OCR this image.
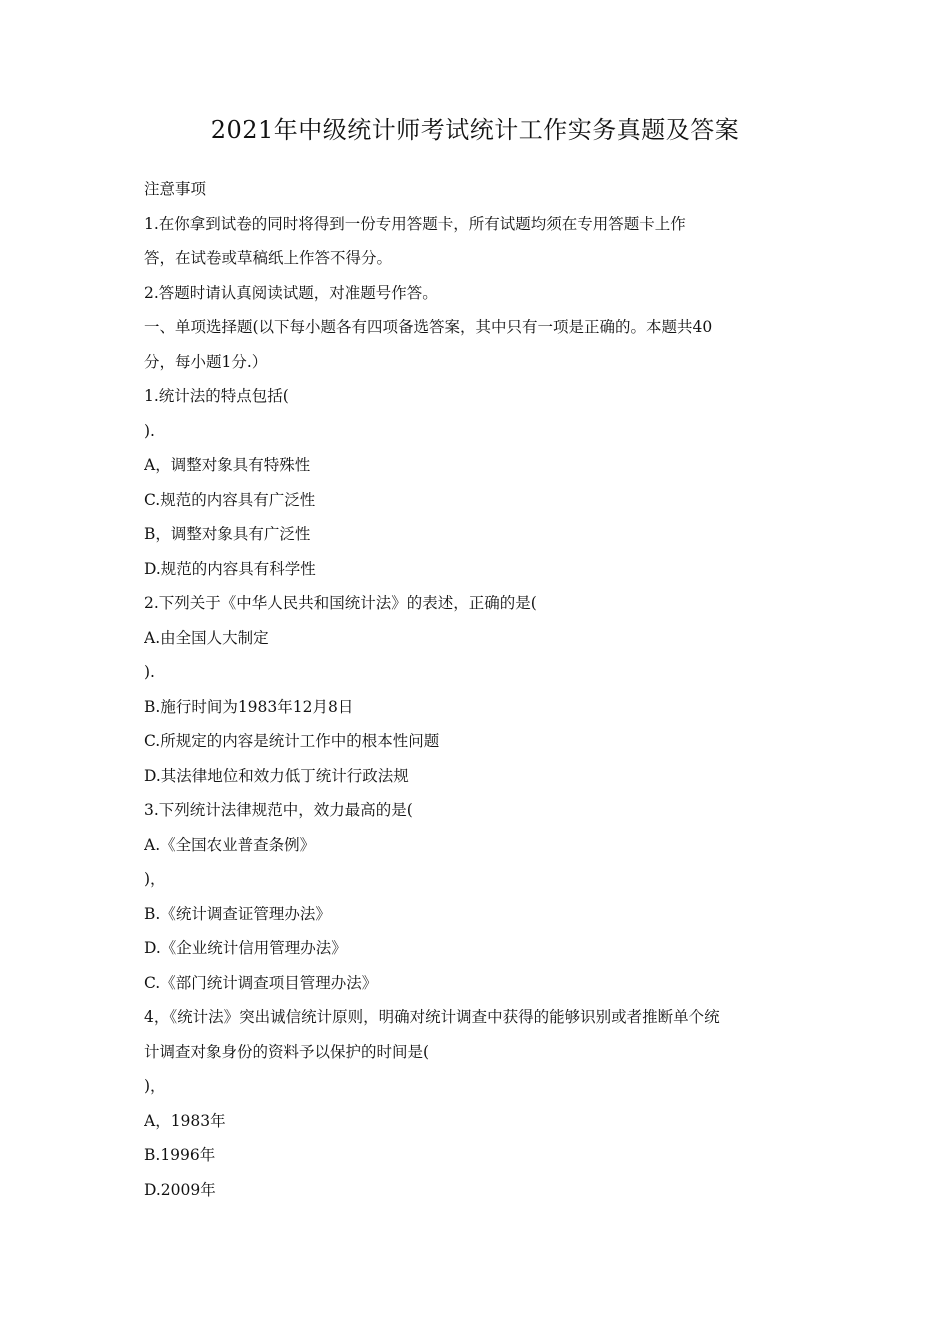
2021年中级统计师考试统计工作实务真题及答案
注意事项
1.在你拿到试卷的同时将得到一份专用答题卡，所有试题均须在专用答题卡上作
答，在试卷或草稿纸上作答不得分。
2.答题时请认真阅读试题，对准题号作答。
一、单项选择题(以下每小题各有四项备选答案，其中只有一项是正确的。本题共40
分，每小题1分.）
1.统计法的特点包括(
).
A，调整对象具有特殊性
C.规范的内容具有广泛性
B，调整对象具有广泛性
D.规范的内容具有科学性
2.下列关于《中华人民共和国统计法》的表述，正确的是(
A.由全国人大制定
).
B.施行时间为1983年12月8日
C.所规定的内容是统计工作中的根本性问题
D.其法律地位和效力低丁统计行政法规
3.下列统计法律规范中，效力最高的是(
A.《全国农业普查条例》
)，
B.《统计调查证管理办法》
D.《企业统计信用管理办法》
C.《部门统计调查项目管理办法》
4，《统计法》突出诚信统计原则，明确对统计调查中获得的能够识别或者推断单个统
计调查对象身份的资料予以保护的时间是(
)，
A，1983年
B.1996年
D.2009年
